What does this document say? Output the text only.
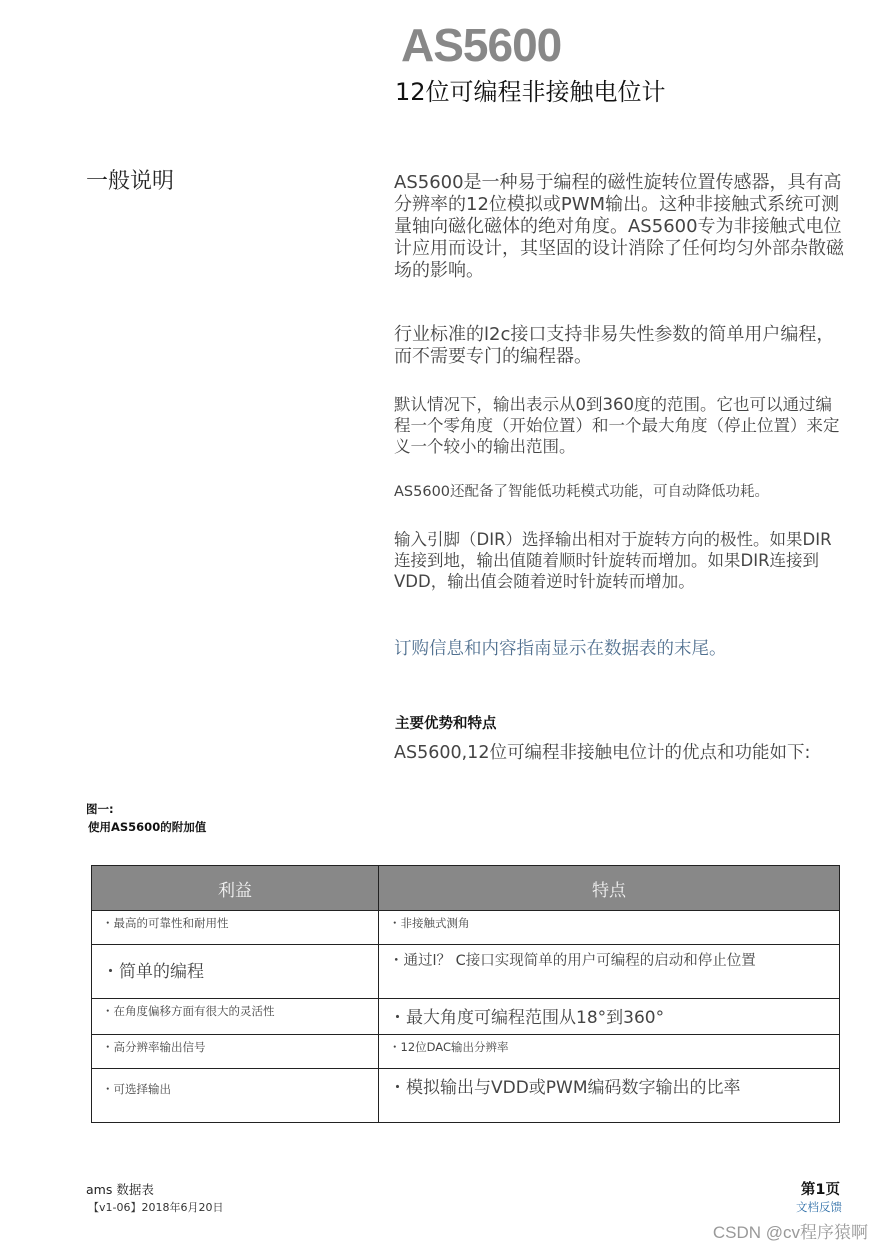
AS5600
12位可编程非接触电位计
一般说明	AS5600是一种易于编程的磁性旋转位置传感器，具有高分辨率的12位模拟或PWM输出。这种非接触式系统可测量轴向磁化磁体的绝对角度。AS5600专为非接触式电位计应用而设计，其坚固的设计消除了任何均匀外部杂散磁场的影响。
行业标准的l2c接口支持非易失性参数的简单用户编程，而不需要专门的编程器。
默认情况下，输出表示从0到360度的范围。它也可以通过编程一个零角度（开始位置）和一个最大角度（停止位置）来定义一个较小的输出范围。
AS5600还配备了智能低功耗模式功能，可自动降低功耗。
输入引脚（DIR）选择输出相对于旋转方向的极性。如果DIR连接到地，输出值随着顺时针旋转而增加。如果DIR连接到VDD，输出值会随着逆时针旋转而增加。
订购信息和内容指南显示在数据表的末尾。
主要优势和特点
AS5600,12位可编程非接触电位计的优点和功能如下:
图一:
使用AS5600的附加值
利益	特点
・最高的可靠性和耐用性	・非接触式测角
・简单的编程	・通过l？ C接口实现简单的用户可编程的启动和停止位置
・在角度偏移方面有很大的灵活性	・最大角度可编程范围从18°到360°
・高分辨率输出信号	・12位DAC输出分辨率
・可选择输出	・模拟输出与VDD或PWM编码数字输出的比率
ams 数据表
【v1-06】2018年6月20日
第1页
文档反馈
CSDN @cv程序猿啊
